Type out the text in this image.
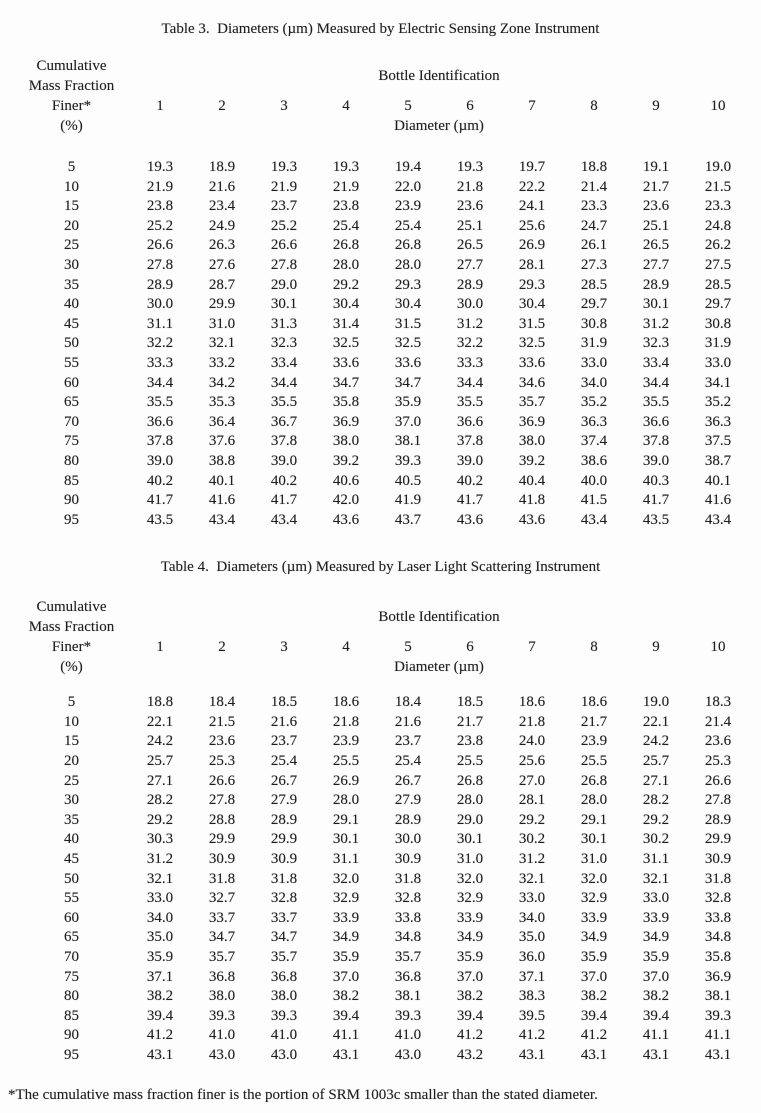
Table 3.  Diameters (µm) Measured by Electric Sensing Zone Instrument
Cumulative
Mass Fraction
Finer*
(%)
Bottle Identification
1	2	3	4	5	6	7	8	9	10
Diameter (µm)
5	19.3	18.9	19.3	19.3	19.4	19.3	19.7	18.8	19.1	19.0
10	21.9	21.6	21.9	21.9	22.0	21.8	22.2	21.4	21.7	21.5
15	23.8	23.4	23.7	23.8	23.9	23.6	24.1	23.3	23.6	23.3
20	25.2	24.9	25.2	25.4	25.4	25.1	25.6	24.7	25.1	24.8
25	26.6	26.3	26.6	26.8	26.8	26.5	26.9	26.1	26.5	26.2
30	27.8	27.6	27.8	28.0	28.0	27.7	28.1	27.3	27.7	27.5
35	28.9	28.7	29.0	29.2	29.3	28.9	29.3	28.5	28.9	28.5
40	30.0	29.9	30.1	30.4	30.4	30.0	30.4	29.7	30.1	29.7
45	31.1	31.0	31.3	31.4	31.5	31.2	31.5	30.8	31.2	30.8
50	32.2	32.1	32.3	32.5	32.5	32.2	32.5	31.9	32.3	31.9
55	33.3	33.2	33.4	33.6	33.6	33.3	33.6	33.0	33.4	33.0
60	34.4	34.2	34.4	34.7	34.7	34.4	34.6	34.0	34.4	34.1
65	35.5	35.3	35.5	35.8	35.9	35.5	35.7	35.2	35.5	35.2
70	36.6	36.4	36.7	36.9	37.0	36.6	36.9	36.3	36.6	36.3
75	37.8	37.6	37.8	38.0	38.1	37.8	38.0	37.4	37.8	37.5
80	39.0	38.8	39.0	39.2	39.3	39.0	39.2	38.6	39.0	38.7
85	40.2	40.1	40.2	40.6	40.5	40.2	40.4	40.0	40.3	40.1
90	41.7	41.6	41.7	42.0	41.9	41.7	41.8	41.5	41.7	41.6
95	43.5	43.4	43.4	43.6	43.7	43.6	43.6	43.4	43.5	43.4
Table 4.  Diameters (µm) Measured by Laser Light Scattering Instrument
Cumulative
Mass Fraction
Finer*
(%)
Bottle Identification
1	2	3	4	5	6	7	8	9	10
Diameter (µm)
5	18.8	18.4	18.5	18.6	18.4	18.5	18.6	18.6	19.0	18.3
10	22.1	21.5	21.6	21.8	21.6	21.7	21.8	21.7	22.1	21.4
15	24.2	23.6	23.7	23.9	23.7	23.8	24.0	23.9	24.2	23.6
20	25.7	25.3	25.4	25.5	25.4	25.5	25.6	25.5	25.7	25.3
25	27.1	26.6	26.7	26.9	26.7	26.8	27.0	26.8	27.1	26.6
30	28.2	27.8	27.9	28.0	27.9	28.0	28.1	28.0	28.2	27.8
35	29.2	28.8	28.9	29.1	28.9	29.0	29.2	29.1	29.2	28.9
40	30.3	29.9	29.9	30.1	30.0	30.1	30.2	30.1	30.2	29.9
45	31.2	30.9	30.9	31.1	30.9	31.0	31.2	31.0	31.1	30.9
50	32.1	31.8	31.8	32.0	31.8	32.0	32.1	32.0	32.1	31.8
55	33.0	32.7	32.8	32.9	32.8	32.9	33.0	32.9	33.0	32.8
60	34.0	33.7	33.7	33.9	33.8	33.9	34.0	33.9	33.9	33.8
65	35.0	34.7	34.7	34.9	34.8	34.9	35.0	34.9	34.9	34.8
70	35.9	35.7	35.7	35.9	35.7	35.9	36.0	35.9	35.9	35.8
75	37.1	36.8	36.8	37.0	36.8	37.0	37.1	37.0	37.0	36.9
80	38.2	38.0	38.0	38.2	38.1	38.2	38.3	38.2	38.2	38.1
85	39.4	39.3	39.3	39.4	39.3	39.4	39.5	39.4	39.4	39.3
90	41.2	41.0	41.0	41.1	41.0	41.2	41.2	41.2	41.1	41.1
95	43.1	43.0	43.0	43.1	43.0	43.2	43.1	43.1	43.1	43.1
*The cumulative mass fraction finer is the portion of SRM 1003c smaller than the stated diameter.
